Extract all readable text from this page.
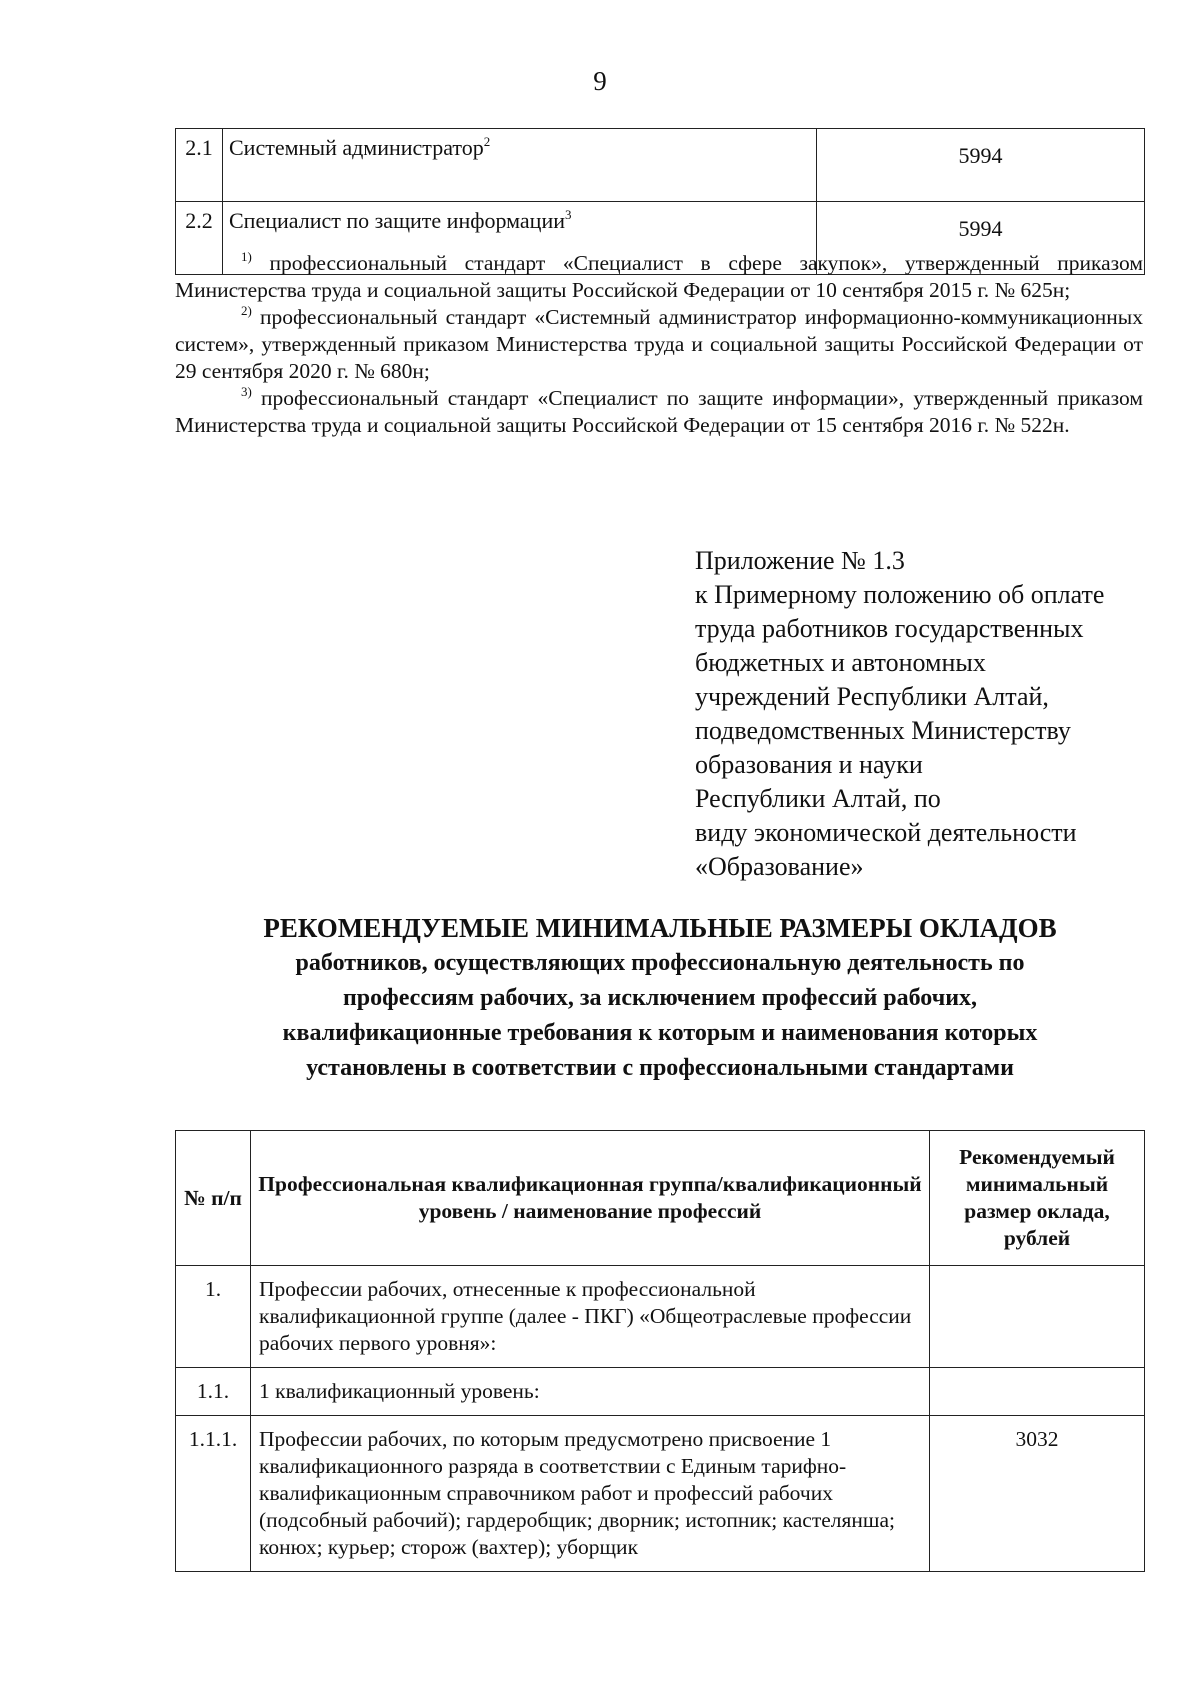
9
2.1	Системный администратор$^2$	5994
2.2	Специалист по защите информации$^3$	5994

$^{1)}$ профессиональный стандарт «Специалист в сфере закупок», утвержденный приказом Министерства труда и социальной защиты Российской Федерации от 10 сентября 2015 г. № 625н;

$^{2)}$ профессиональный стандарт «Системный администратор информационно-коммуникационных систем», утвержденный приказом Министерства труда и социальной защиты Российской Федерации от 29 сентября 2020 г. № 680н;

$^{3)}$ профессиональный стандарт «Специалист по защите информации», утвержденный приказом Министерства труда и социальной защиты Российской Федерации от 15 сентября 2016 г. № 522н.

Приложение № 1.3
к Примерному положению об оплате
труда работников государственных
бюджетных и автономных
учреждений Республики Алтай,
подведомственных Министерству
образования и науки
Республики Алтай, по
виду экономической деятельности
«Образование»
РЕКОМЕНДУЕМЫЕ МИНИМАЛЬНЫЕ РАЗМЕРЫ ОКЛАДОВ
работников, осуществляющих профессиональную деятельность по
профессиям рабочих, за исключением профессий рабочих,
квалификационные требования к которым и наименования которых
установлены в соответствии с профессиональными стандартами
№ п/п	Профессиональная квалификационная группа/квалификационный уровень / наименование профессий	Рекомендуемый минимальный размер оклада, рублей
1.	Профессии рабочих, отнесенные к профессиональной квалификационной группе (далее - ПКГ) «Общеотраслевые профессии рабочих первого уровня»:	
1.1.	1 квалификационный уровень:	
1.1.1.	Профессии рабочих, по которым предусмотрено присвоение 1 квалификационного разряда в соответствии с Единым тарифно-квалификационным справочником работ и профессий рабочих (подсобный рабочий); гардеробщик; дворник; истопник; кастелянша; конюх; курьер; сторож (вахтер); уборщик	3032
